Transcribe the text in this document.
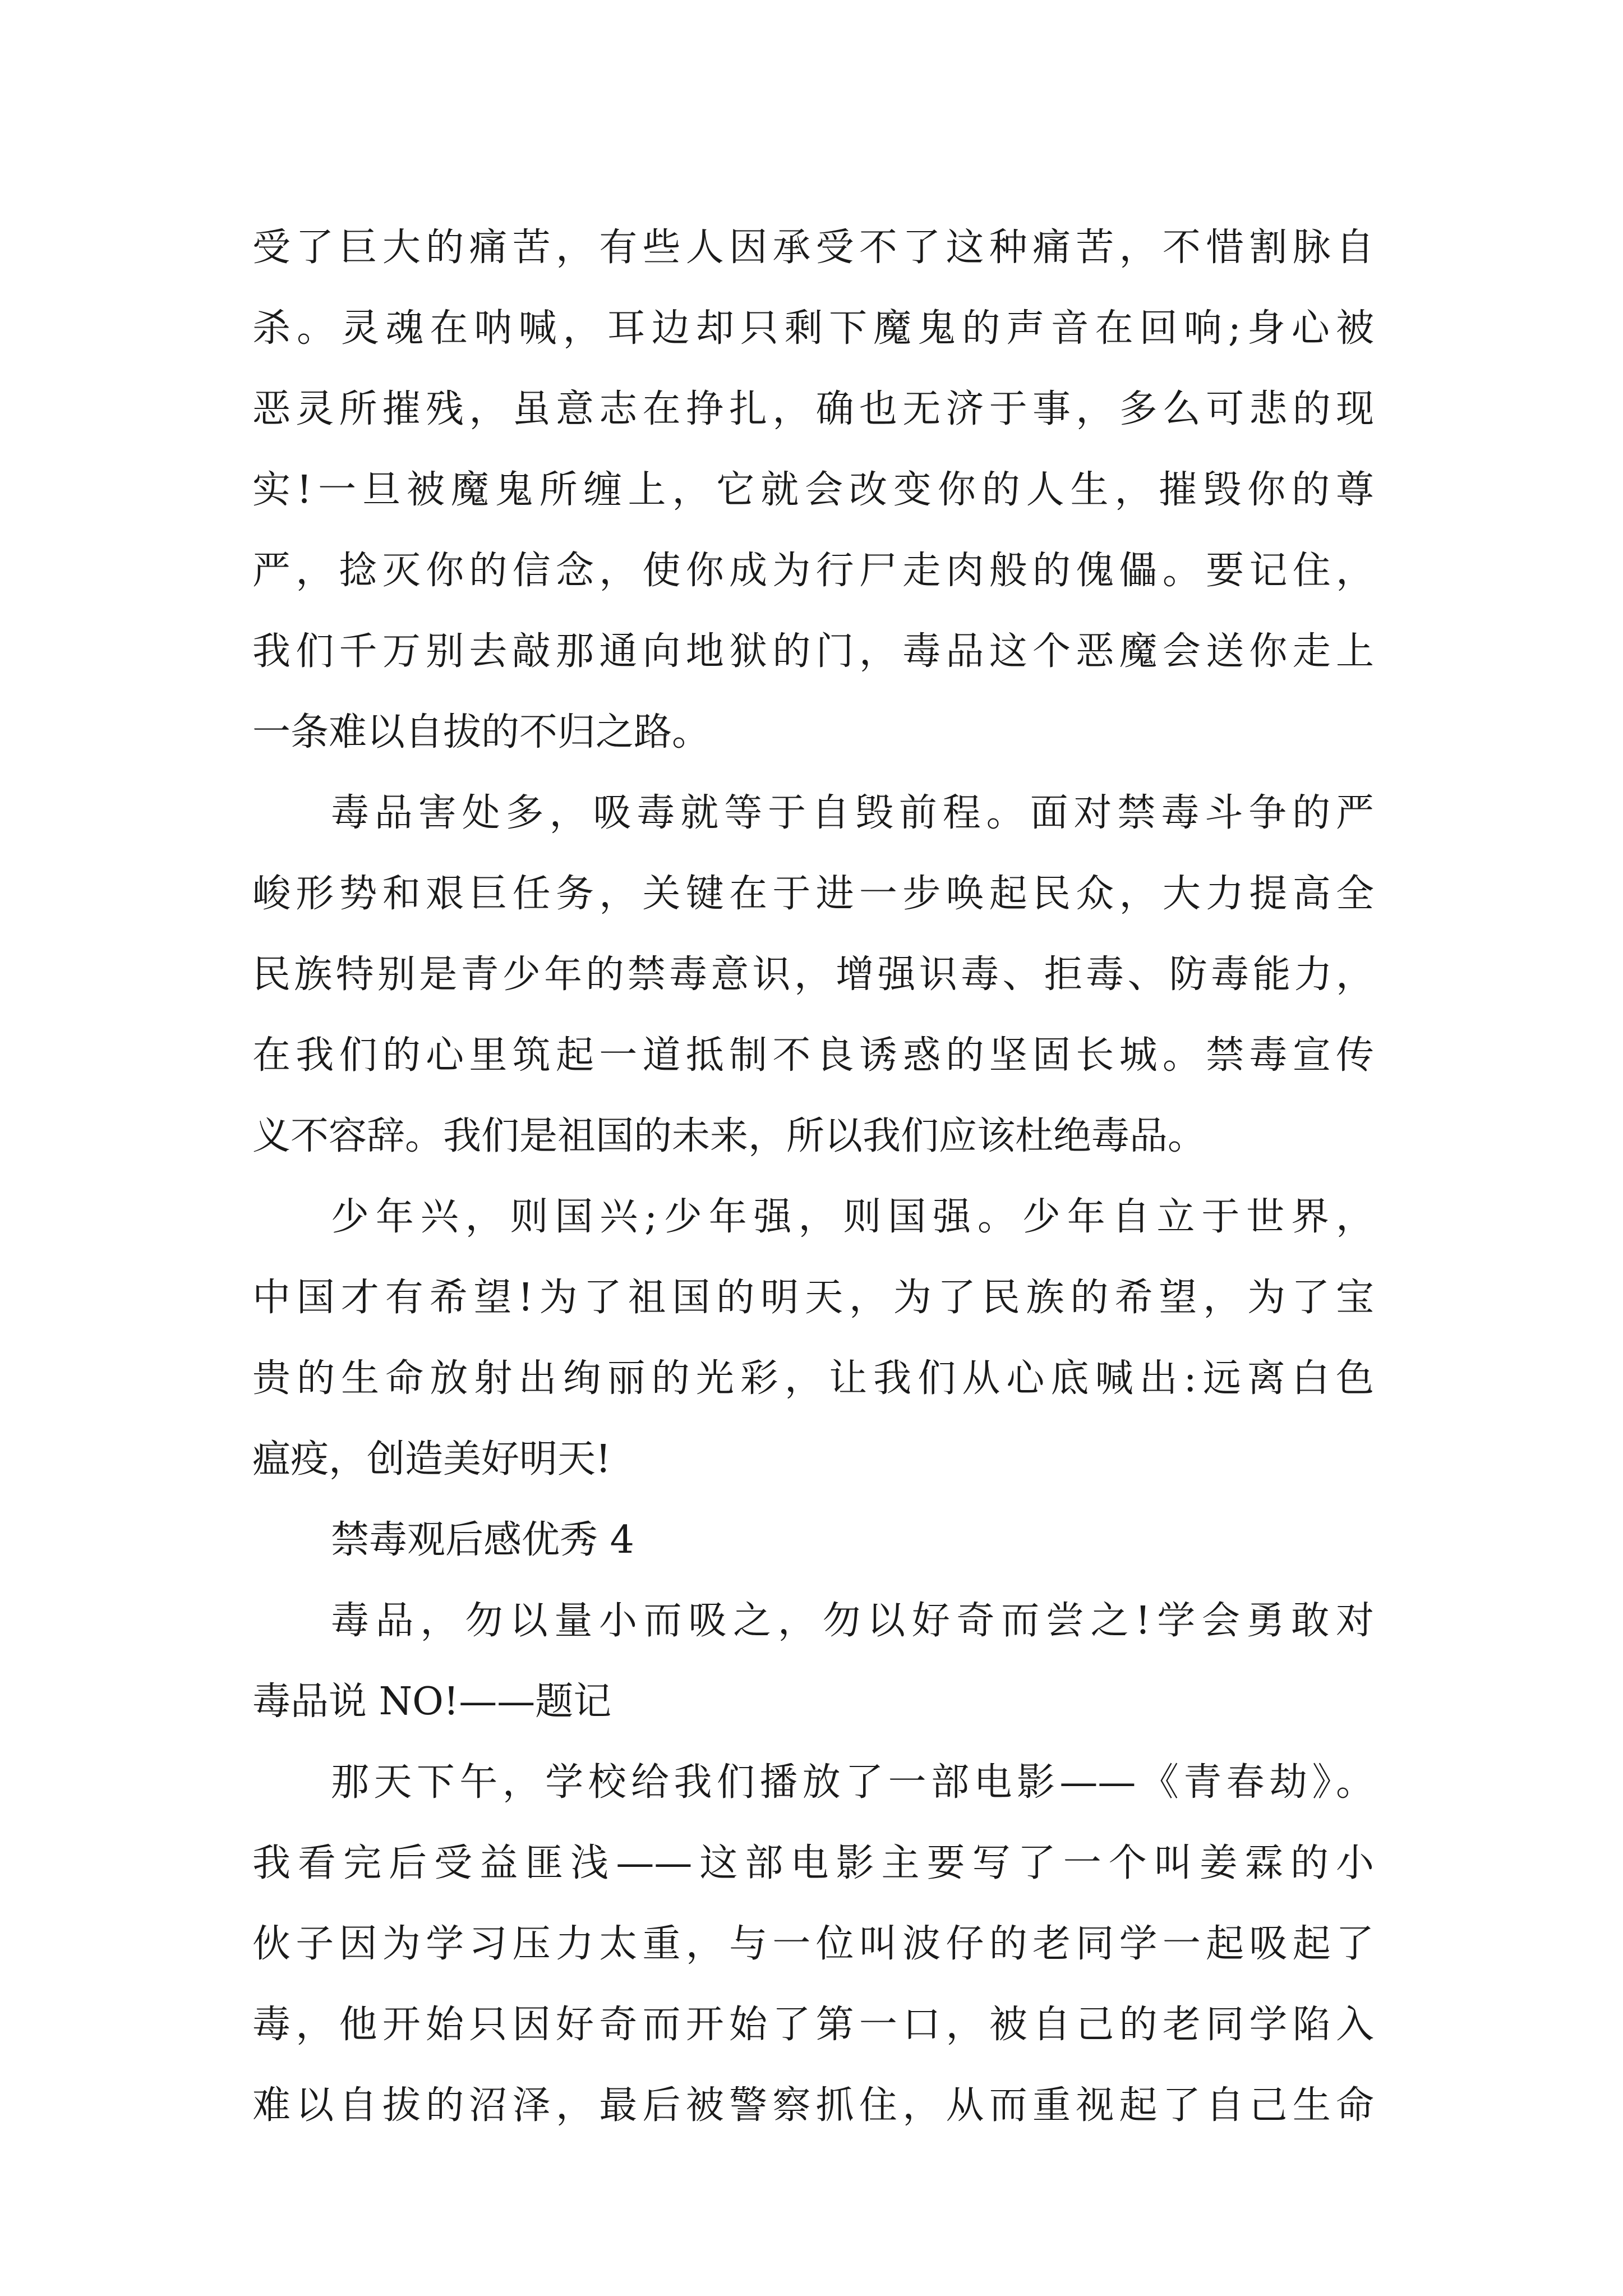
受了巨大的痛苦，有些人因承受不了这种痛苦，不惜割脉自
杀。灵魂在呐喊，耳边却只剩下魔鬼的声音在回响;身心被
恶灵所摧残，虽意志在挣扎，确也无济于事，多么可悲的现
实!一旦被魔鬼所缠上，它就会改变你的人生，摧毁你的尊
严，捻灭你的信念，使你成为行尸走肉般的傀儡。要记住，
我们千万别去敲那通向地狱的门，毒品这个恶魔会送你走上
一条难以自拔的不归之路。
毒品害处多，吸毒就等于自毁前程。面对禁毒斗争的严
峻形势和艰巨任务，关键在于进一步唤起民众，大力提高全
民族特别是青少年的禁毒意识，增强识毒、拒毒、防毒能力，
在我们的心里筑起一道抵制不良诱惑的坚固长城。禁毒宣传
义不容辞。我们是祖国的未来，所以我们应该杜绝毒品。
少年兴，则国兴;少年强，则国强。少年自立于世界，
中国才有希望!为了祖国的明天，为了民族的希望，为了宝
贵的生命放射出绚丽的光彩，让我们从心底喊出:远离白色
瘟疫，创造美好明天!
禁毒观后感优秀 4
毒品，勿以量小而吸之，勿以好奇而尝之!学会勇敢对
毒品说 NO!——题记
那天下午，学校给我们播放了一部电影——《青春劫》。
我看完后受益匪浅——这部电影主要写了一个叫姜霖的小
伙子因为学习压力太重，与一位叫波仔的老同学一起吸起了
毒，他开始只因好奇而开始了第一口，被自己的老同学陷入
难以自拔的沼泽，最后被警察抓住，从而重视起了自己生命
